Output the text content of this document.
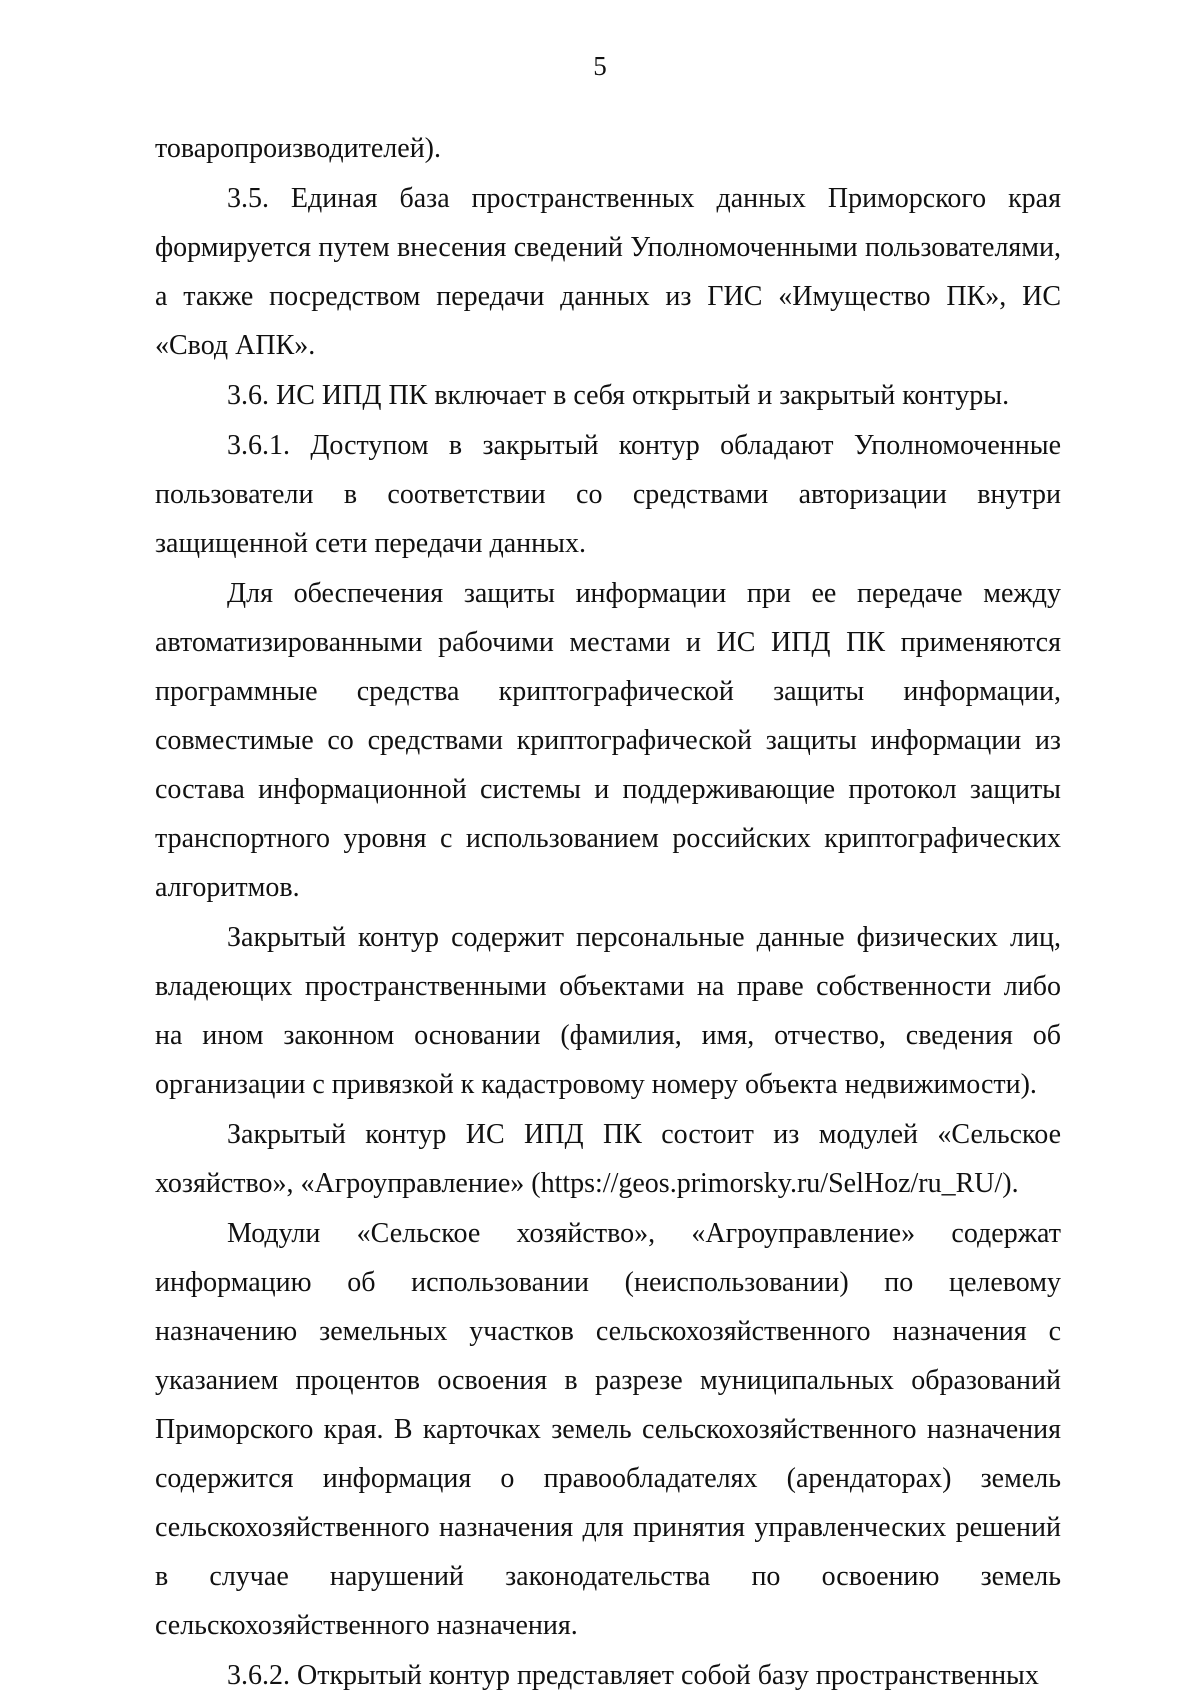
5

товаропроизводителей).

3.5. Единая база пространственных данных Приморского края формируется путем внесения сведений Уполномоченными пользователями, а также посредством передачи данных из ГИС «Имущество ПК», ИС «Свод АПК».

3.6. ИС ИПД ПК включает в себя открытый и закрытый контуры.

3.6.1. Доступом в закрытый контур обладают Уполномоченные пользователи в соответствии со средствами авторизации внутри защищенной сети передачи данных.

Для обеспечения защиты информации при ее передаче между автоматизированными рабочими местами и ИС ИПД ПК применяются программные средства криптографической защиты информации, совместимые со средствами криптографической защиты информации из состава информационной системы и поддерживающие протокол защиты транспортного уровня с использованием российских криптографических алгоритмов.

Закрытый контур содержит персональные данные физических лиц, владеющих пространственными объектами на праве собственности либо на ином законном основании (фамилия, имя, отчество, сведения об организации с привязкой к кадастровому номеру объекта недвижимости).

Закрытый контур ИС ИПД ПК состоит из модулей «Сельское хозяйство», «Агроуправление» (https://geos.primorsky.ru/SelHoz/ru_RU/).

Модули «Сельское хозяйство», «Агроуправление» содержат информацию об использовании (неиспользовании) по целевому назначению земельных участков сельскохозяйственного назначения с указанием процентов освоения в разрезе муниципальных образований Приморского края. В карточках земель сельскохозяйственного назначения содержится информация о правообладателях (арендаторах) земель сельскохозяйственного назначения для принятия управленческих решений в случае нарушений законодательства по освоению земель сельскохозяйственного назначения.

3.6.2. Открытый контур представляет собой базу пространственных
